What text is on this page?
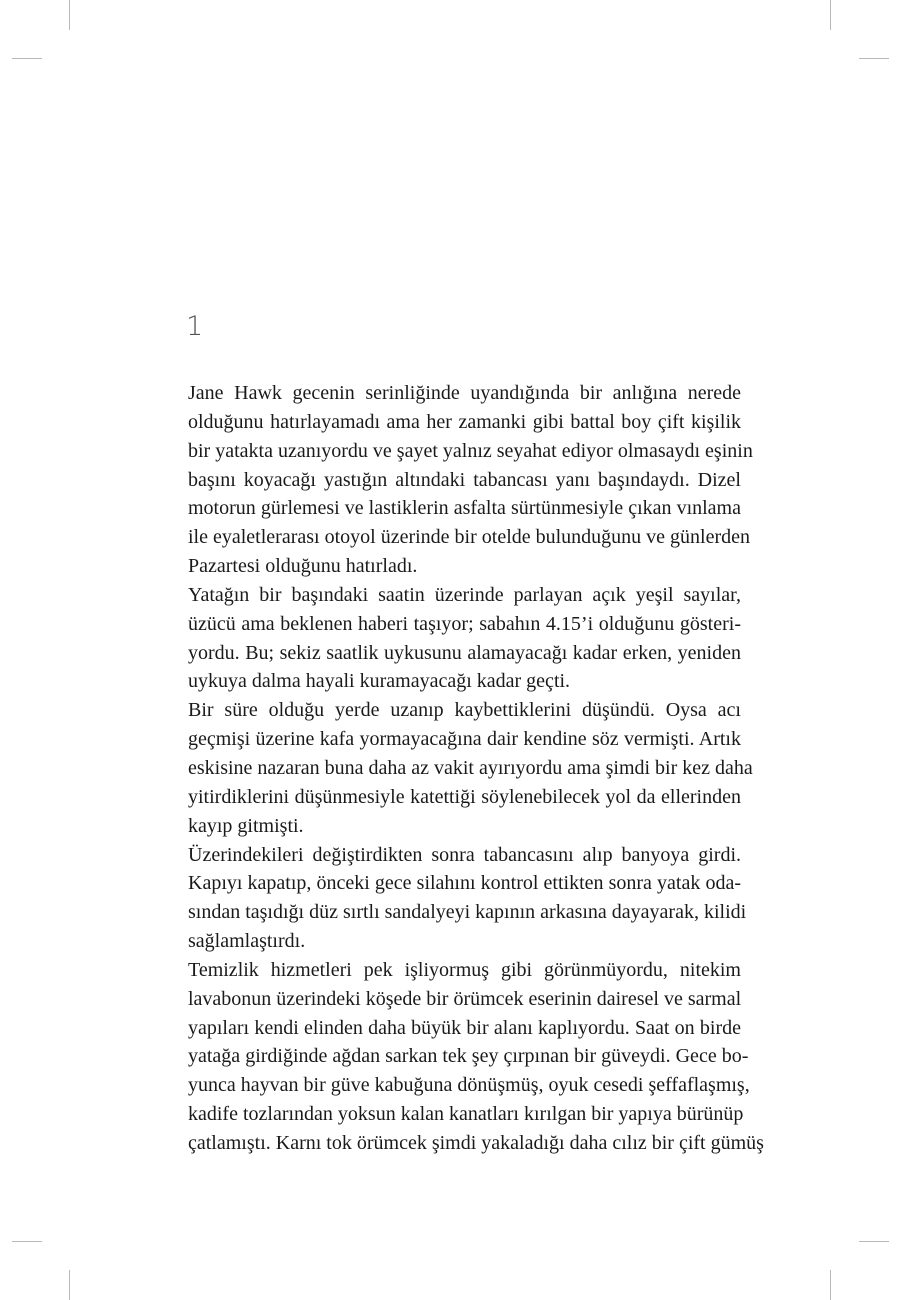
1

Jane Hawk gecenin serinliğinde uyandığında bir anlığına nerede
olduğunu hatırlayamadı ama her zamanki gibi battal boy çift kişilik
bir yatakta uzanıyordu ve şayet yalnız seyahat ediyor olmasaydı eşinin
başını koyacağı yastığın altındaki tabancası yanı başındaydı. Dizel
motorun gürlemesi ve lastiklerin asfalta sürtünmesiyle çıkan vınlama
ile eyaletlerarası otoyol üzerinde bir otelde bulunduğunu ve günlerden
Pazartesi olduğunu hatırladı.

Yatağın bir başındaki saatin üzerinde parlayan açık yeşil sayılar,
üzücü ama beklenen haberi taşıyor; sabahın 4.15’i olduğunu gösteri-
yordu. Bu; sekiz saatlik uykusunu alamayacağı kadar erken, yeniden
uykuya dalma hayali kuramayacağı kadar geçti.

Bir süre olduğu yerde uzanıp kaybettiklerini düşündü. Oysa acı
geçmişi üzerine kafa yormayacağına dair kendine söz vermişti. Artık
eskisine nazaran buna daha az vakit ayırıyordu ama şimdi bir kez daha
yitirdiklerini düşünmesiyle katettiği söylenebilecek yol da ellerinden
kayıp gitmişti.

Üzerindekileri değiştirdikten sonra tabancasını alıp banyoya girdi.
Kapıyı kapatıp, önceki gece silahını kontrol ettikten sonra yatak oda-
sından taşıdığı düz sırtlı sandalyeyi kapının arkasına dayayarak, kilidi
sağlamlaştırdı.

Temizlik hizmetleri pek işliyormuş gibi görünmüyordu, nitekim
lavabonun üzerindeki köşede bir örümcek eserinin dairesel ve sarmal
yapıları kendi elinden daha büyük bir alanı kaplıyordu. Saat on birde
yatağa girdiğinde ağdan sarkan tek şey çırpınan bir güveydi. Gece bo-
yunca hayvan bir güve kabuğuna dönüşmüş, oyuk cesedi şeffaflaşmış,
kadife tozlarından yoksun kalan kanatları kırılgan bir yapıya bürünüp
çatlamıştı. Karnı tok örümcek şimdi yakaladığı daha cılız bir çift gümüş
